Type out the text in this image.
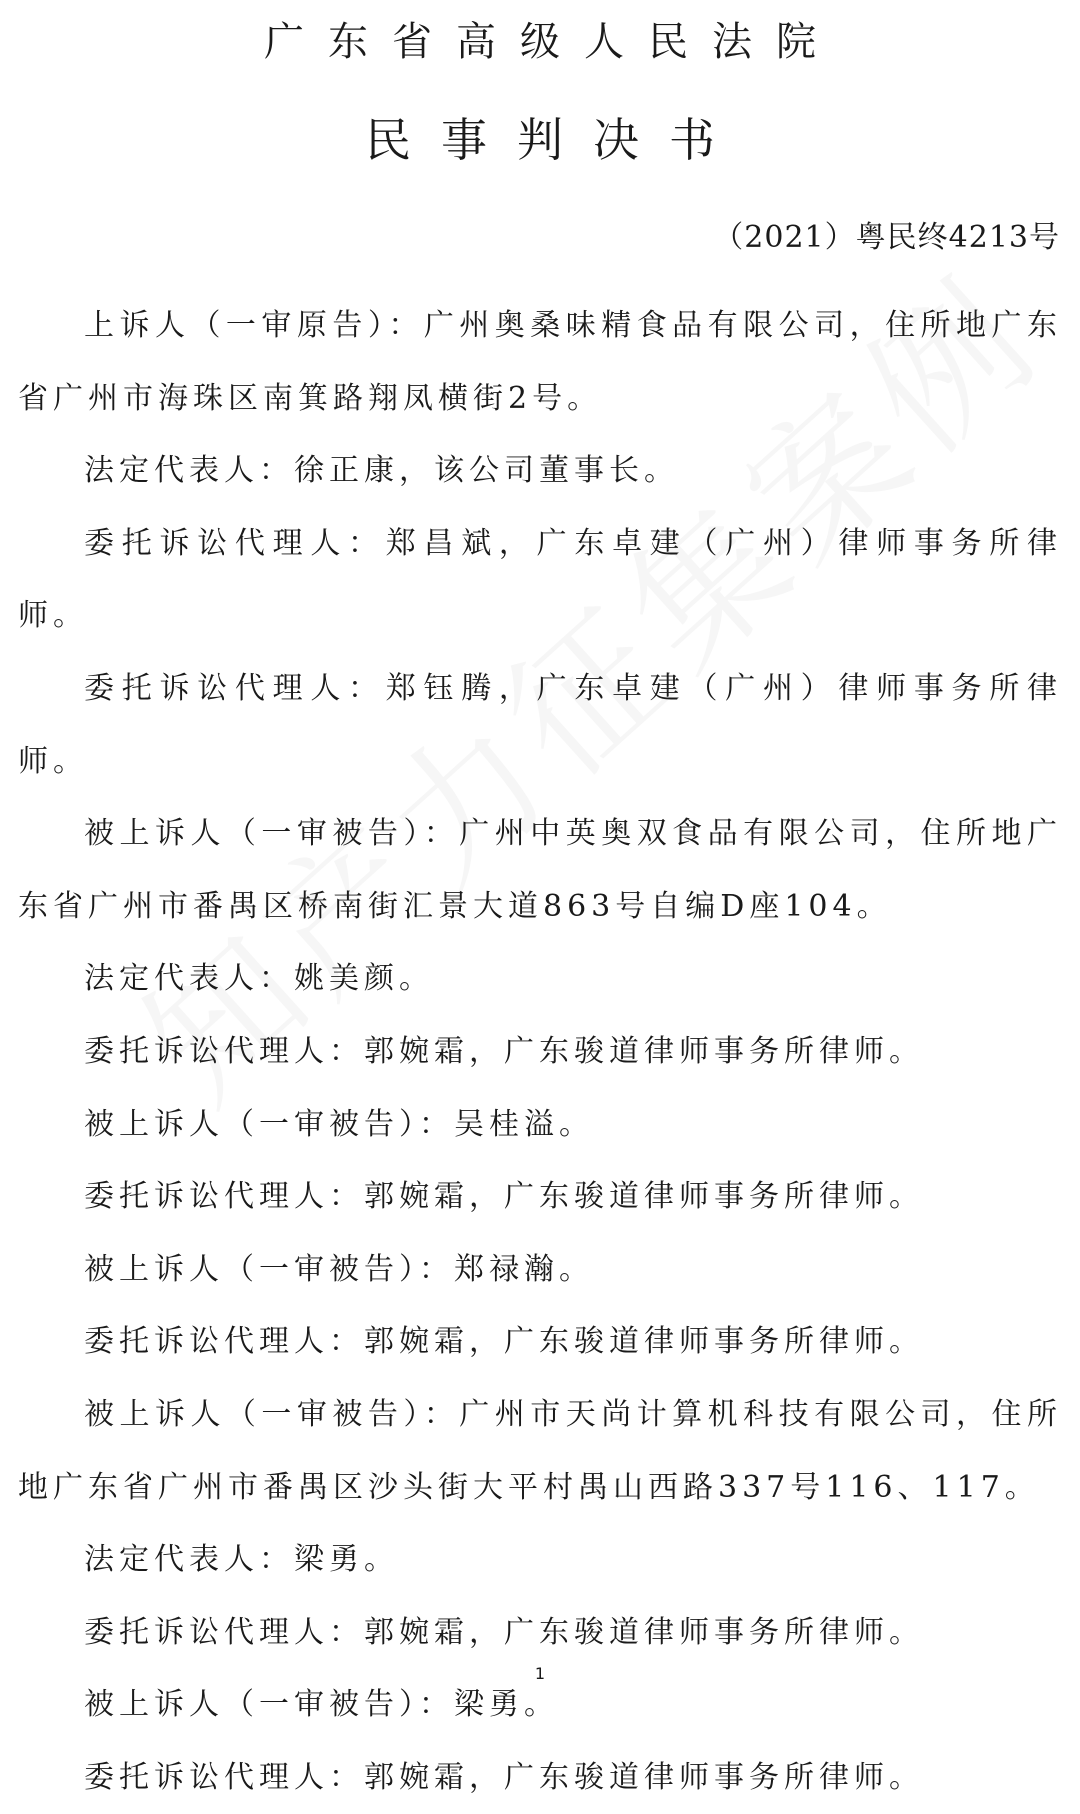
广东省高级人民法院
民事判决书
（2021）粤民终4213号

上诉人（一审原告）：广州奥桑味精食品有限公司，住所地广东省广州市海珠区南箕路翔凤横街2号。

法定代表人：徐正康，该公司董事长。

委托诉讼代理人：郑昌斌，广东卓建（广州）律师事务所律师。

委托诉讼代理人：郑钰腾，广东卓建（广州）律师事务所律师。

被上诉人（一审被告）：广州中英奥双食品有限公司，住所地广东省广州市番禺区桥南街汇景大道863号自编D座104。

法定代表人：姚美颜。

委托诉讼代理人：郭婉霜，广东骏道律师事务所律师。

被上诉人（一审被告）：吴桂溢。

委托诉讼代理人：郭婉霜，广东骏道律师事务所律师。

被上诉人（一审被告）：郑禄瀚。

委托诉讼代理人：郭婉霜，广东骏道律师事务所律师。

被上诉人（一审被告）：广州市天尚计算机科技有限公司，住所地广东省广州市番禺区沙头街大平村禺山西路337号116、117。

法定代表人：梁勇。

委托诉讼代理人：郭婉霜，广东骏道律师事务所律师。

被上诉人（一审被告）：梁勇。

委托诉讼代理人：郭婉霜，广东骏道律师事务所律师。

1
